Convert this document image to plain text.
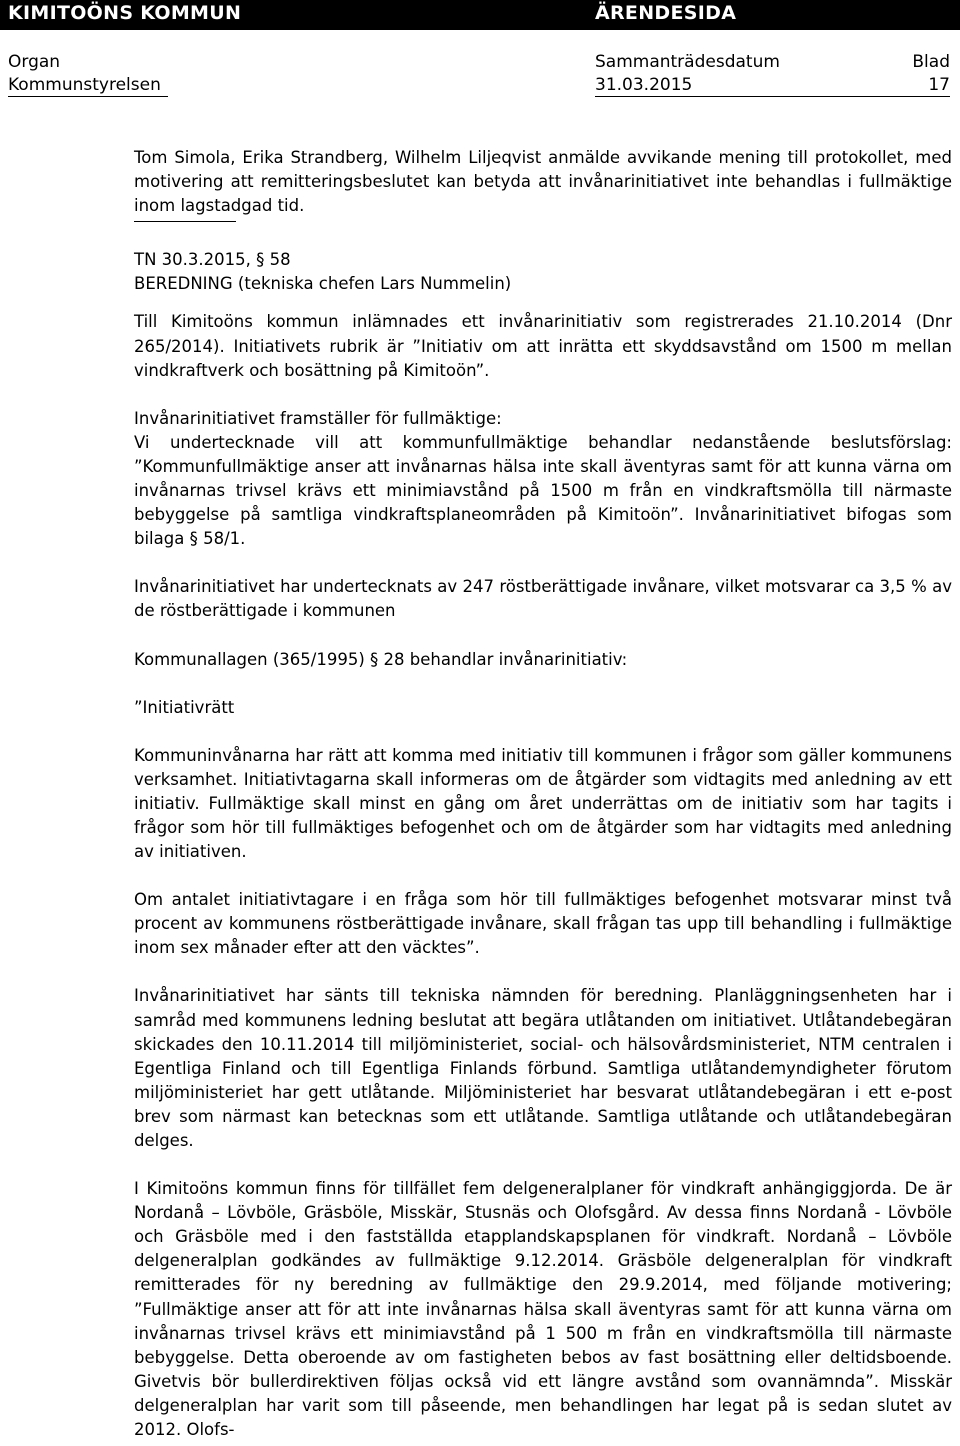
KIMITOÖNS KOMMUN	ÄRENDESIDA
Organ
Kommunstyrelsen
Sammanträdesdatum
31.03.2015
Blad
17

Tom Simola, Erika Strandberg, Wilhelm Liljeqvist anmälde avvikande mening till protokollet, med motivering att remitteringsbeslutet kan betyda att invånarinitiativet inte behandlas i fullmäktige inom lagstadgad tid.

TN 30.3.2015, § 58
BEREDNING (tekniska chefen Lars Nummelin)

Till Kimitoöns kommun inlämnades ett invånarinitiativ som registrerades 21.10.2014 (Dnr 265/2014). Initiativets rubrik är ”Initiativ om att inrätta ett skyddsavstånd om 1500 m mellan vindkraftverk och bosättning på Kimitoön”.

Invånarinitiativet framställer för fullmäktige:
Vi undertecknade vill att kommunfullmäktige behandlar nedanstående beslutsförslag: ”Kommunfullmäktige anser att invånarnas hälsa inte skall äventyras samt för att kunna värna om invånarnas trivsel krävs ett minimiavstånd på 1500 m från en vindkraftsmölla till närmaste bebyggelse på samtliga vindkraftsplaneområden på Kimitoön”. Invånarinitiativet bifogas som bilaga § 58/1.

Invånarinitiativet har undertecknats av 247 röstberättigade invånare, vilket motsvarar ca 3,5 % av de röstberättigade i kommunen

Kommunallagen (365/1995) § 28 behandlar invånarinitiativ:

”Initiativrätt

Kommuninvånarna har rätt att komma med initiativ till kommunen i frågor som gäller kommunens verksamhet. Initiativtagarna skall informeras om de åtgärder som vidtagits med anledning av ett initiativ. Fullmäktige skall minst en gång om året underrättas om de initiativ som har tagits i frågor som hör till fullmäktiges befogenhet och om de åtgärder som har vidtagits med anledning av initiativen.

Om antalet initiativtagare i en fråga som hör till fullmäktiges befogenhet motsvarar minst två procent av kommunens röstberättigade invånare, skall frågan tas upp till behandling i fullmäktige inom sex månader efter att den väcktes”.

Invånarinitiativet har sänts till tekniska nämnden för beredning. Planläggningsenheten har i samråd med kommunens ledning beslutat att begära utlåtanden om initiativet. Utlåtandebegäran skickades den 10.11.2014 till miljöministeriet, social- och hälsovårdsministeriet, NTM centralen i Egentliga Finland och till Egentliga Finlands förbund. Samtliga utlåtandemyndigheter förutom miljöministeriet har gett utlåtande. Miljöministeriet har besvarat utlåtandebegäran i ett e-post brev som närmast kan betecknas som ett utlåtande. Samtliga utlåtande och utlåtandebegäran delges.

I Kimitoöns kommun finns för tillfället fem delgeneralplaner för vindkraft anhängiggjorda. De är Nordanå – Lövböle, Gräsböle, Misskär, Stusnäs och Olofsgård. Av dessa finns Nordanå - Lövböle och Gräsböle med i den fastställda etapplandskapsplanen för vindkraft. Nordanå – Lövböle delgeneralplan godkändes av fullmäktige 9.12.2014. Gräsböle delgeneralplan för vindkraft remitterades för ny beredning av fullmäktige den 29.9.2014, med följande motivering; ”Fullmäktige anser att för att inte invånarnas hälsa skall äventyras samt för att kunna värna om invånarnas trivsel krävs ett minimiavstånd på 1 500 m från en vindkraftsmölla till närmaste bebyggelse. Detta oberoende av om fastigheten bebos av fast bosättning eller deltidsboende. Givetvis bör bullerdirektiven följas också vid ett längre avstånd som ovannämnda”. Misskär delgeneralplan har varit som till påseende, men behandlingen har legat på is sedan slutet av 2012. Olofs-
